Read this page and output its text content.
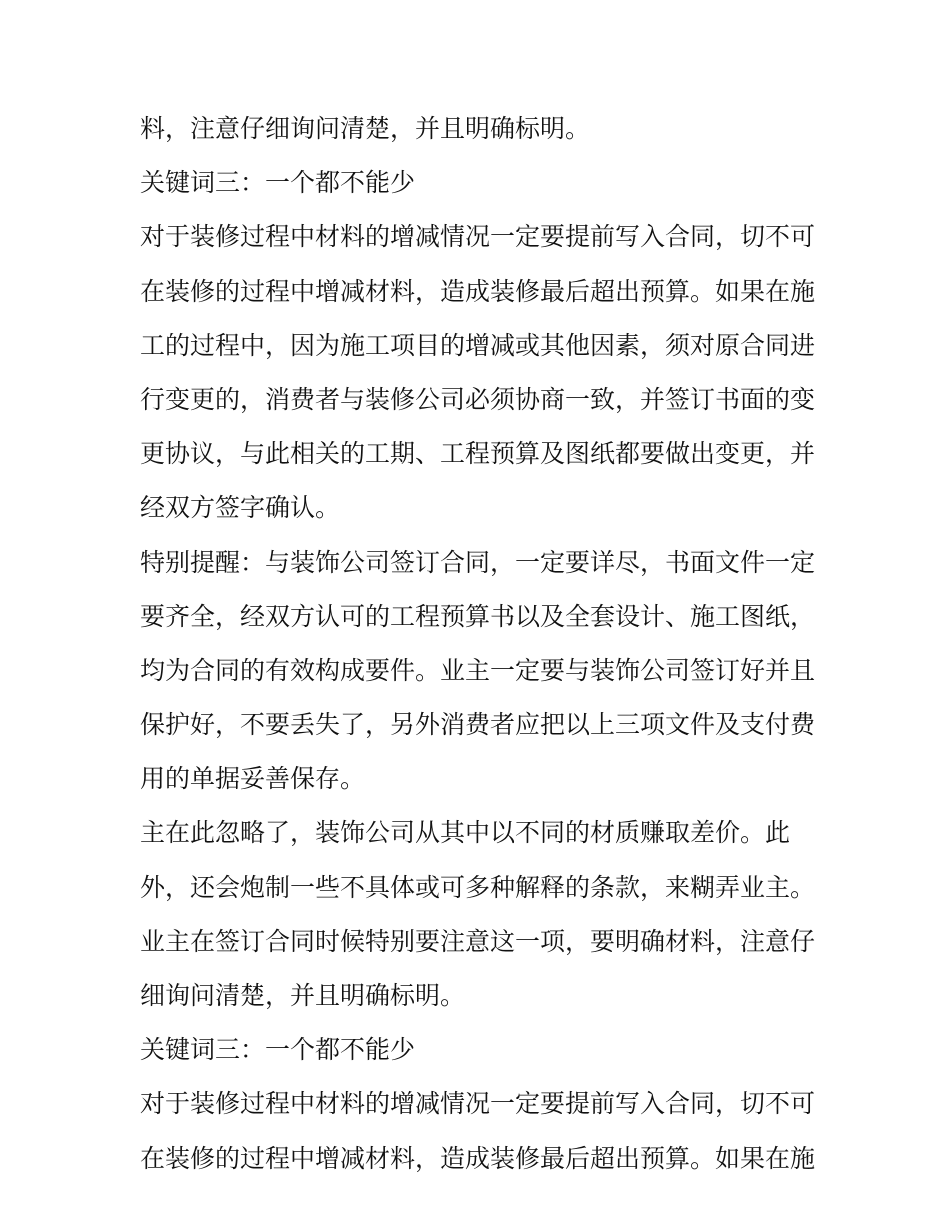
料，注意仔细询问清楚，并且明确标明。
关键词三：一个都不能少
对于装修过程中材料的增减情况一定要提前写入合同，切不可
在装修的过程中增减材料，造成装修最后超出预算。如果在施
工的过程中，因为施工项目的增减或其他因素，须对原合同进
行变更的，消费者与装修公司必须协商一致，并签订书面的变
更协议，与此相关的工期、工程预算及图纸都要做出变更，并
经双方签字确认。
特别提醒：与装饰公司签订合同，一定要详尽，书面文件一定
要齐全，经双方认可的工程预算书以及全套设计、施工图纸，
均为合同的有效构成要件。业主一定要与装饰公司签订好并且
保护好，不要丢失了，另外消费者应把以上三项文件及支付费
用的单据妥善保存。
主在此忽略了，装饰公司从其中以不同的材质赚取差价。此
外，还会炮制一些不具体或可多种解释的条款，来糊弄业主。
业主在签订合同时候特别要注意这一项，要明确材料，注意仔
细询问清楚，并且明确标明。
关键词三：一个都不能少
对于装修过程中材料的增减情况一定要提前写入合同，切不可
在装修的过程中增减材料，造成装修最后超出预算。如果在施
